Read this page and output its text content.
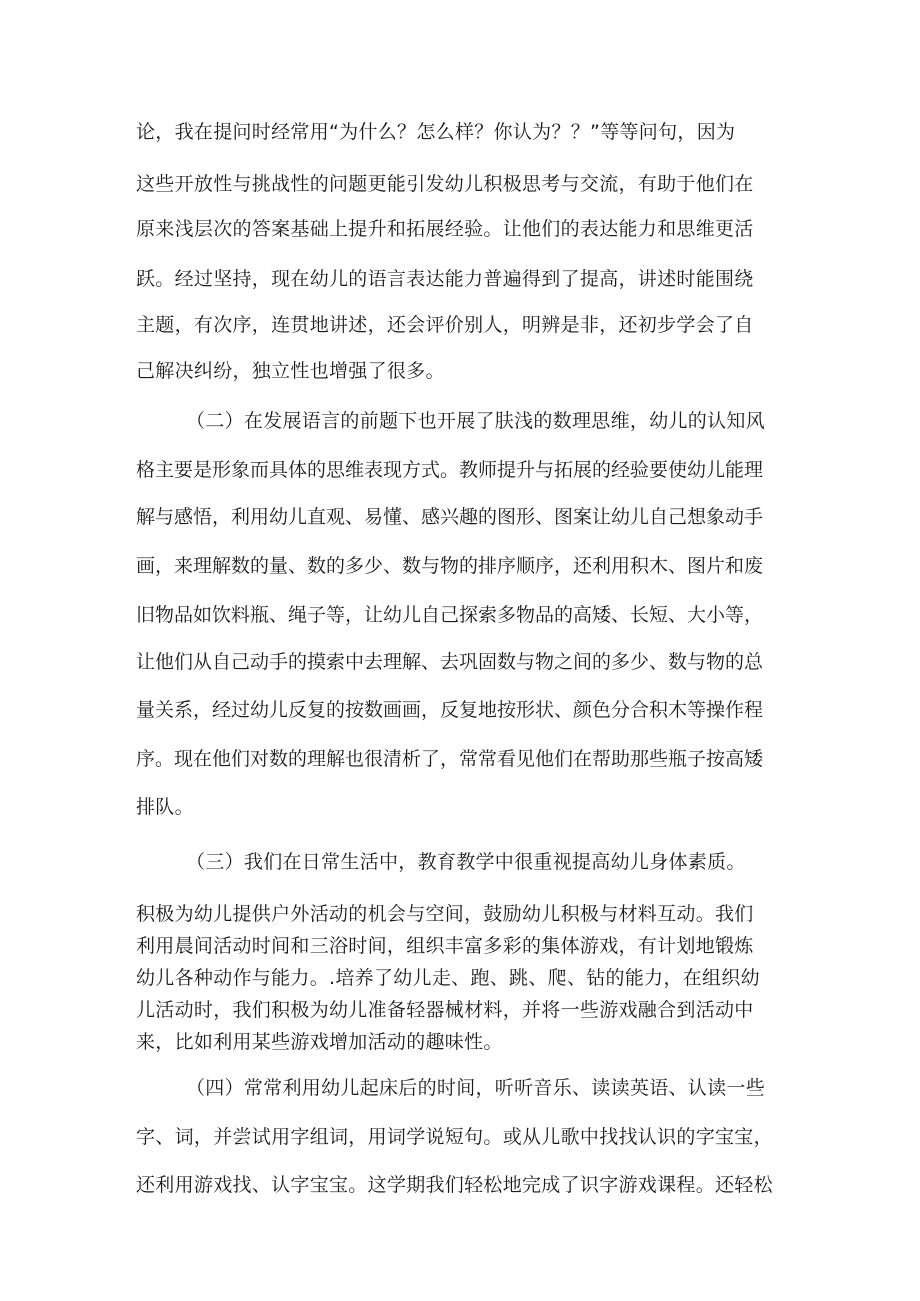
论，我在提问时经常用“为什么？怎么样？你认为？？”等等问句，因为

这些开放性与挑战性的问题更能引发幼儿积极思考与交流，有助于他们在

原来浅层次的答案基础上提升和拓展经验。让他们的表达能力和思维更活

跃。经过坚持，现在幼儿的语言表达能力普遍得到了提高，讲述时能围绕

主题，有次序，连贯地讲述，还会评价别人，明辨是非，还初步学会了自

己解决纠纷，独立性也增强了很多。

（二）在发展语言的前题下也开展了肤浅的数理思维，幼儿的认知风

格主要是形象而具体的思维表现方式。教师提升与拓展的经验要使幼儿能理

解与感悟，利用幼儿直观、易懂、感兴趣的图形、图案让幼儿自己想象动手

画，来理解数的量、数的多少、数与物的排序顺序，还利用积木、图片和废

旧物品如饮料瓶、绳子等，让幼儿自己探索多物品的高矮、长短、大小等，

让他们从自己动手的摸索中去理解、去巩固数与物之间的多少、数与物的总

量关系，经过幼儿反复的按数画画，反复地按形状、颜色分合积木等操作程

序。现在他们对数的理解也很清析了，常常看见他们在帮助那些瓶子按高矮

排队。

（三）我们在日常生活中，教育教学中很重视提高幼儿身体素质。

积极为幼儿提供户外活动的机会与空间，鼓励幼儿积极与材料互动。我们

利用晨间活动时间和三浴时间，组织丰富多彩的集体游戏，有计划地锻炼

幼儿各种动作与能力。.培养了幼儿走、跑、跳、爬、钻的能力，在组织幼

儿活动时，我们积极为幼儿准备轻器械材料，并将一些游戏融合到活动中

来，比如利用某些游戏增加活动的趣味性。

（四）常常利用幼儿起床后的时间，听听音乐、读读英语、认读一些

字、词，并尝试用字组词，用词学说短句。或从儿歌中找找认识的字宝宝，

还利用游戏找、认字宝宝。这学期我们轻松地完成了识字游戏课程。还轻松
